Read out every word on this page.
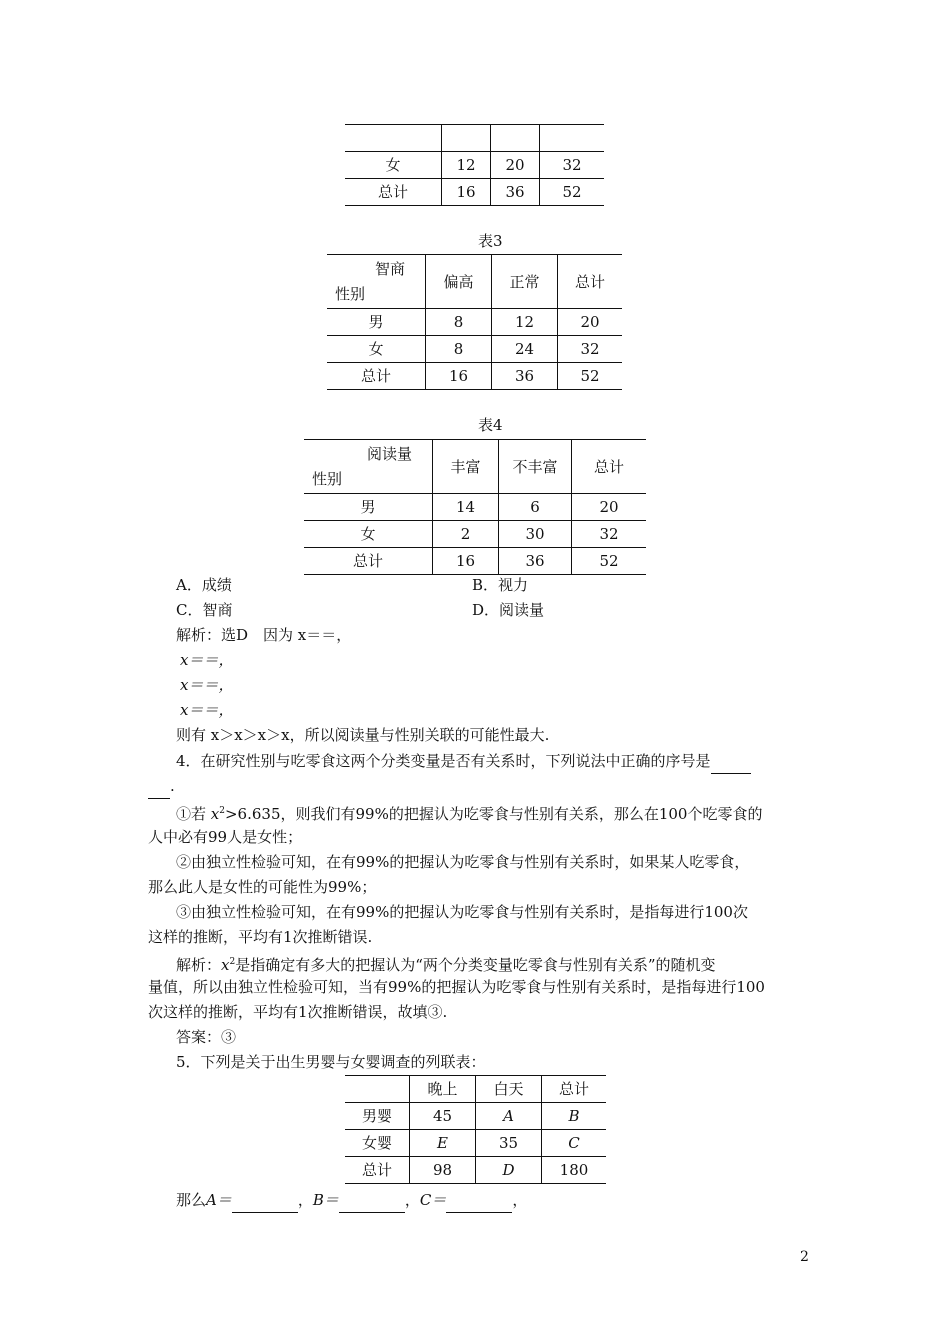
女	12	20	32
总计	16	36	52
表3
智商
性别	偏高	正常	总计
男	8	12	20
女	8	24	32
总计	16	36	52
表4
阅读量
性别	丰富	不丰富	总计
男	14	6	20
女	2	30	32
总计	16	36	52
A．成绩	B．视力
C．智商	D．阅读量
解析：选D　因为 x＝＝，
x＝＝，
x＝＝，
x＝＝，
则有 x＞x＞x＞x，所以阅读量与性别关联的可能性最大.
4．在研究性别与吃零食这两个分类变量是否有关系时，下列说法中正确的序号是
.
①若 $x^2>6.635$，则我们有99%的把握认为吃零食与性别有关系，那么在100个吃零食的
人中必有99人是女性；
②由独立性检验可知，在有99%的把握认为吃零食与性别有关系时，如果某人吃零食，
那么此人是女性的可能性为99%；
③由独立性检验可知，在有99%的把握认为吃零食与性别有关系时，是指每进行100次
这样的推断，平均有1次推断错误.
解析：$x^2$是指确定有多大的把握认为“两个分类变量吃零食与性别有关系”的随机变
量值，所以由独立性检验可知，当有99%的把握认为吃零食与性别有关系时，是指每进行100
次这样的推断，平均有1次推断错误，故填③.
答案：③
5．下列是关于出生男婴与女婴调查的列联表：
	晚上	白天	总计
男婴	45	A	B
女婴	E	35	C
总计	98	D	180
那么A＝	，B＝	，C＝	，
2
